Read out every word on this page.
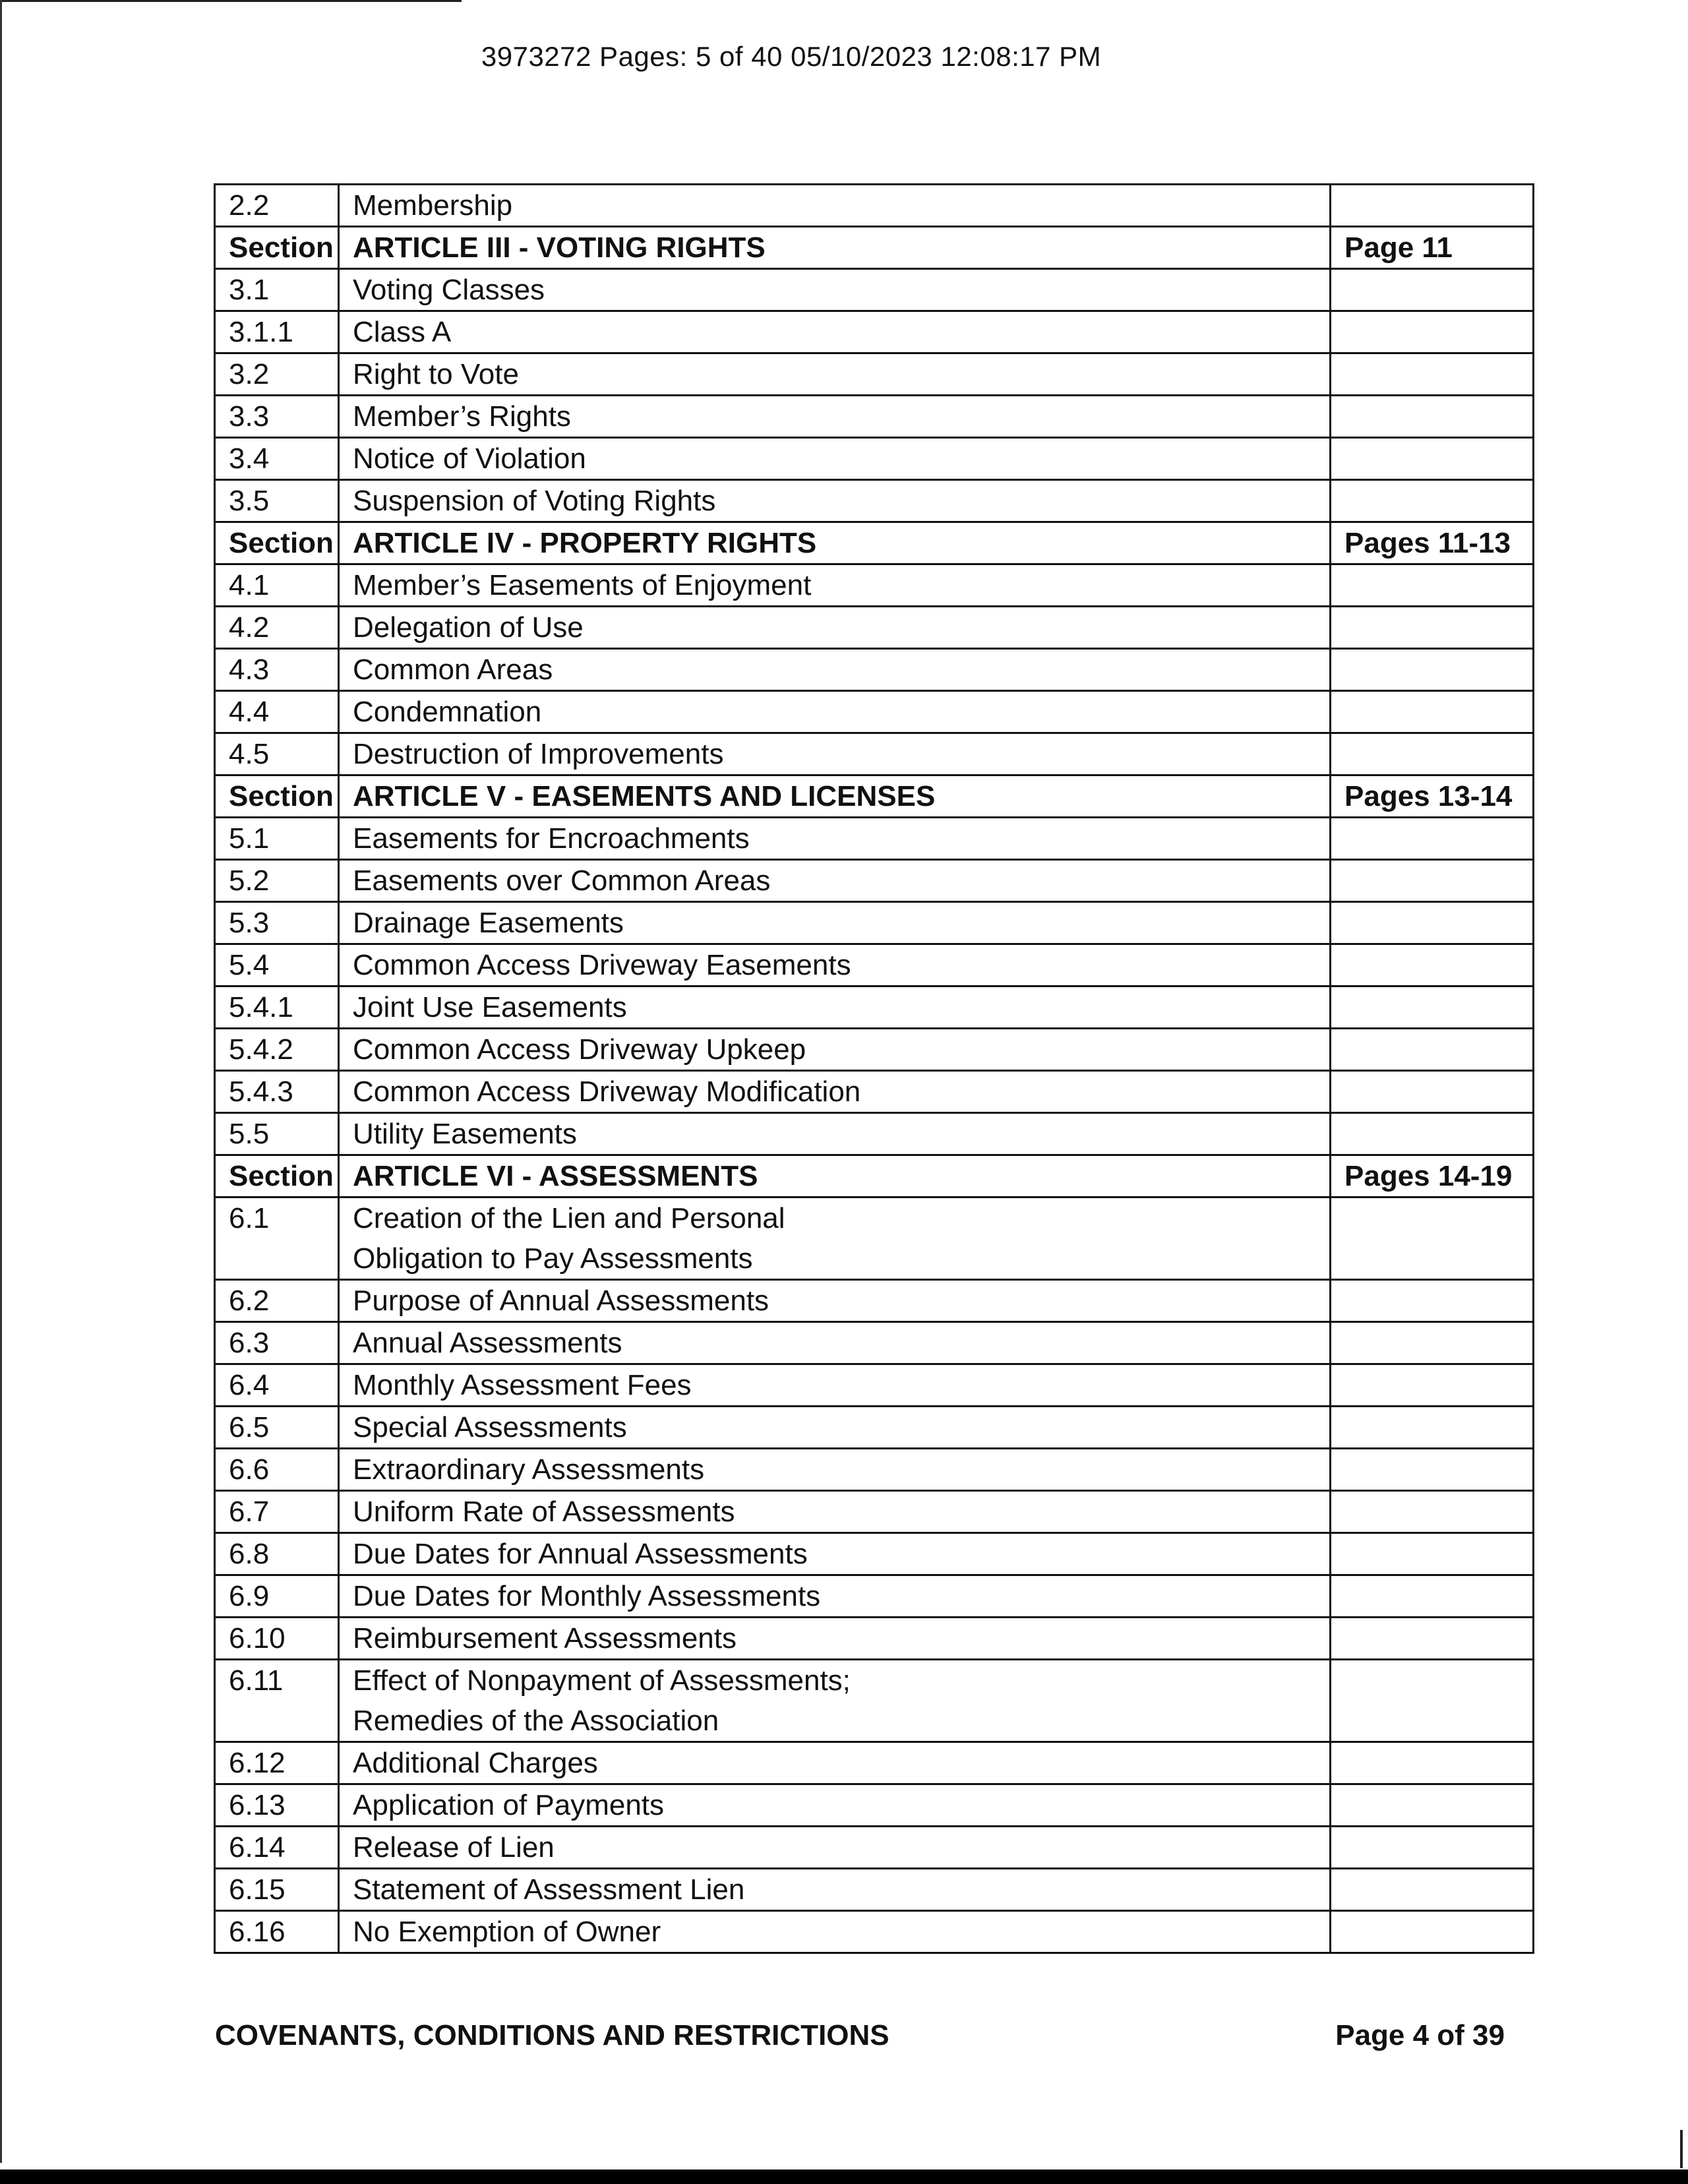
3973272 Pages: 5 of 40 05/10/2023 12:08:17 PM
2.2	Membership	
Section	ARTICLE III - VOTING RIGHTS	Page 11
3.1	Voting Classes	
3.1.1	Class A	
3.2	Right to Vote	
3.3	Member’s Rights	
3.4	Notice of Violation	
3.5	Suspension of Voting Rights	
Section	ARTICLE IV - PROPERTY RIGHTS	Pages 11-13
4.1	Member’s Easements of Enjoyment	
4.2	Delegation of Use	
4.3	Common Areas	
4.4	Condemnation	
4.5	Destruction of Improvements	
Section	ARTICLE V - EASEMENTS AND LICENSES	Pages 13-14
5.1	Easements for Encroachments	
5.2	Easements over Common Areas	
5.3	Drainage Easements	
5.4	Common Access Driveway Easements	
5.4.1	Joint Use Easements	
5.4.2	Common Access Driveway Upkeep	
5.4.3	Common Access Driveway Modification	
5.5	Utility Easements	
Section	ARTICLE VI - ASSESSMENTS	Pages 14-19
6.1	Creation of the Lien and Personal
Obligation to Pay Assessments	
6.2	Purpose of Annual Assessments	
6.3	Annual Assessments	
6.4	Monthly Assessment Fees	
6.5	Special Assessments	
6.6	Extraordinary Assessments	
6.7	Uniform Rate of Assessments	
6.8	Due Dates for Annual Assessments	
6.9	Due Dates for Monthly Assessments	
6.10	Reimbursement Assessments	
6.11	Effect of Nonpayment of Assessments;
Remedies of the Association	
6.12	Additional Charges	
6.13	Application of Payments	
6.14	Release of Lien	
6.15	Statement of Assessment Lien	
6.16	No Exemption of Owner	
COVENANTS, CONDITIONS AND RESTRICTIONS	Page 4 of 39
